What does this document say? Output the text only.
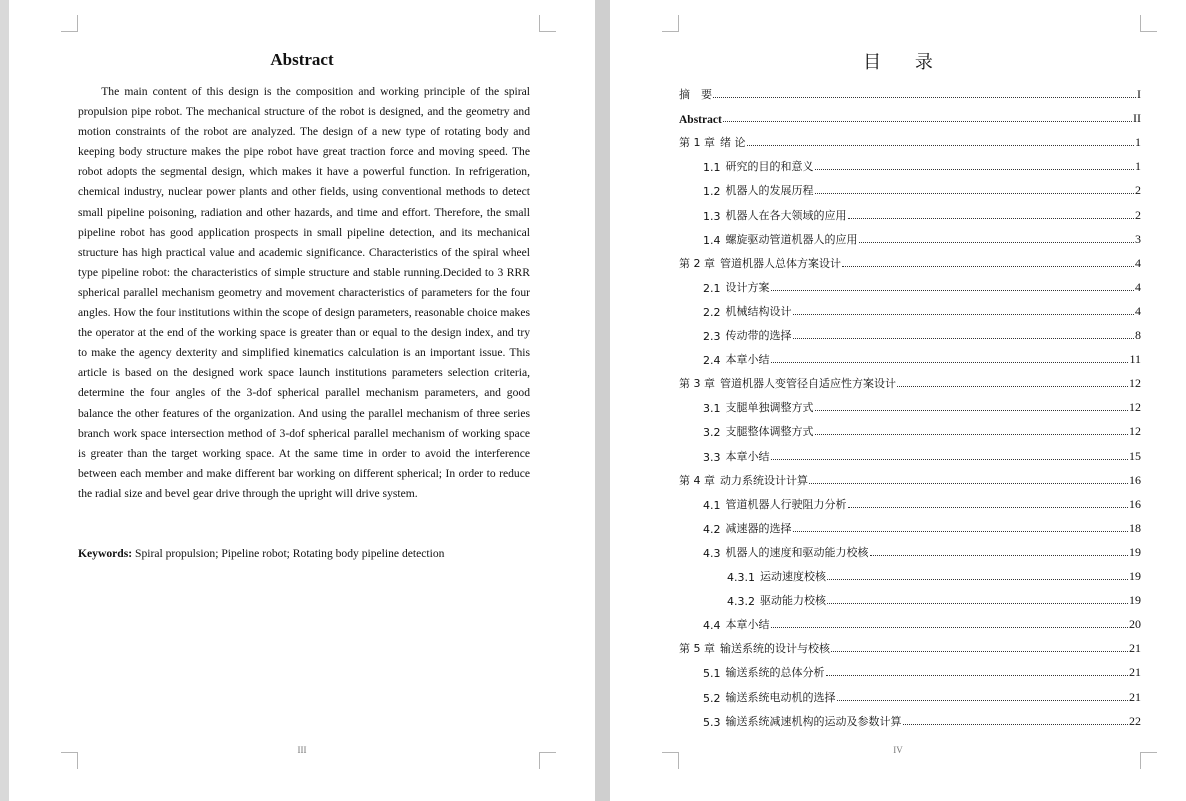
Abstract

The main content of this design is the composition and working principle of the spiral propulsion pipe robot. The mechanical structure of the robot is designed, and the geometry and motion constraints of the robot are analyzed. The design of a new type of rotating body and keeping body structure makes the pipe robot have great traction force and moving speed. The robot adopts the segmental design, which makes it have a powerful function. In refrigeration, chemical industry, nuclear power plants and other fields, using conventional methods to detect small pipeline poisoning, radiation and other hazards, and time and effort. Therefore, the small pipeline robot has good application prospects in small pipeline detection, and its mechanical structure has high practical value and academic significance. Characteristics of the spiral wheel type pipeline robot: the characteristics of simple structure and stable running.Decided to 3 RRR spherical parallel mechanism geometry and movement characteristics of parameters for the four angles. How the four institutions within the scope of design parameters, reasonable choice makes the operator at the end of the working space is greater than or equal to the design index, and try to make the agency dexterity and simplified kinematics calculation is an important issue. This article is based on the designed work space launch institutions parameters selection criteria, determine the four angles of the 3-dof spherical parallel mechanism parameters, and good balance the other features of the organization. And using the parallel mechanism of three series branch work space intersection method of 3-dof spherical parallel mechanism of working space is greater than the target working space. At the same time in order to avoid the interference between each member and make different bar working on different spherical; In order to reduce the radial size and bevel gear drive through the upright will drive system.

Keywords: Spiral propulsion; Pipeline robot; Rotating body pipeline detection

III
目 录
摘　要	I
Abstract	II
第 1 章 绪 论	1
1.1 研究的目的和意义	1
1.2 机器人的发展历程	2
1.3 机器人在各大领域的应用	2
1.4 螺旋驱动管道机器人的应用	3
第 2 章 管道机器人总体方案设计	4
2.1 设计方案	4
2.2 机械结构设计	4
2.3 传动带的选择	8
2.4 本章小结	11
第 3 章 管道机器人变管径自适应性方案设计	12
3.1 支腿单独调整方式	12
3.2 支腿整体调整方式	12
3.3 本章小结	15
第 4 章 动力系统设计计算	16
4.1 管道机器人行驶阻力分析	16
4.2 减速器的选择	18
4.3 机器人的速度和驱动能力校核	19
4.3.1 运动速度校核	19
4.3.2 驱动能力校核	19
4.4 本章小结	20
第 5 章 输送系统的设计与校核	21
5.1 输送系统的总体分析	21
5.2 输送系统电动机的选择	21
5.3 输送系统减速机构的运动及参数计算	22
IV
